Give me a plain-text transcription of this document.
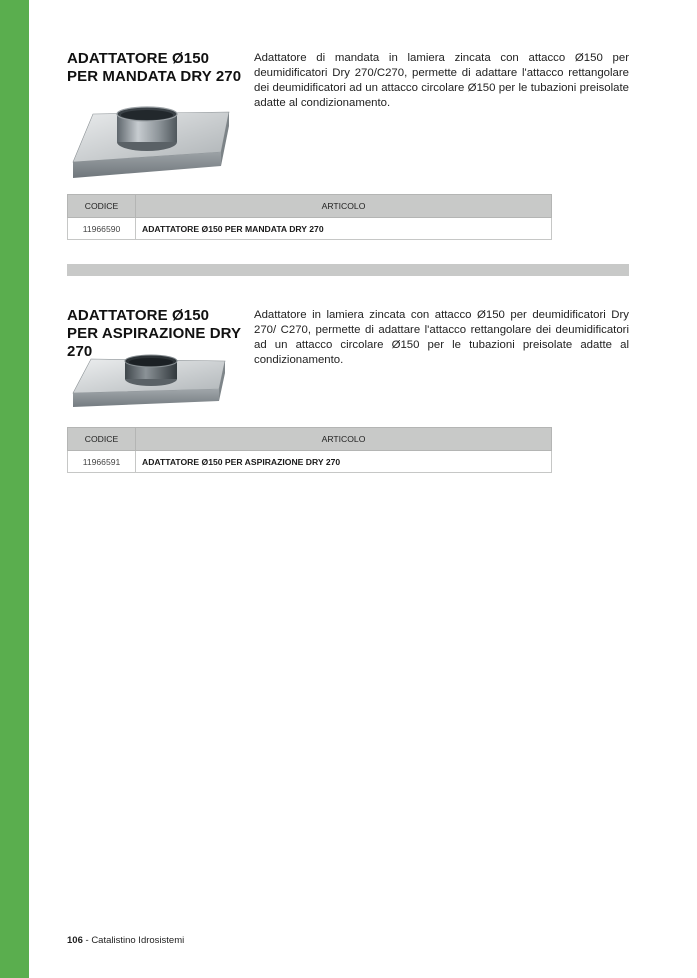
ADATTATORE Ø150 PER MANDATA DRY 270
Adattatore di mandata in lamiera zincata con attacco Ø150 per deumidificatori Dry 270/C270, permette di adattare l'attacco rettangolare dei deumidificatori ad un attacco circolare Ø150 per le tubazioni preisolate adatte al condizionamento.
CODICE	ARTICOLO
11966590	ADATTATORE Ø150 PER MANDATA DRY 270
ADATTATORE Ø150 PER ASPIRAZIONE DRY 270
Adattatore in lamiera zincata con attacco Ø150 per deumidificatori Dry 270/ C270, permette di adattare l'attacco rettangolare dei deumidificatori ad un attacco circolare Ø150 per le tubazioni preisolate adatte al condizionamento.
CODICE	ARTICOLO
11966591	ADATTATORE Ø150 PER ASPIRAZIONE DRY 270
106 - Catalistino Idrosistemi
